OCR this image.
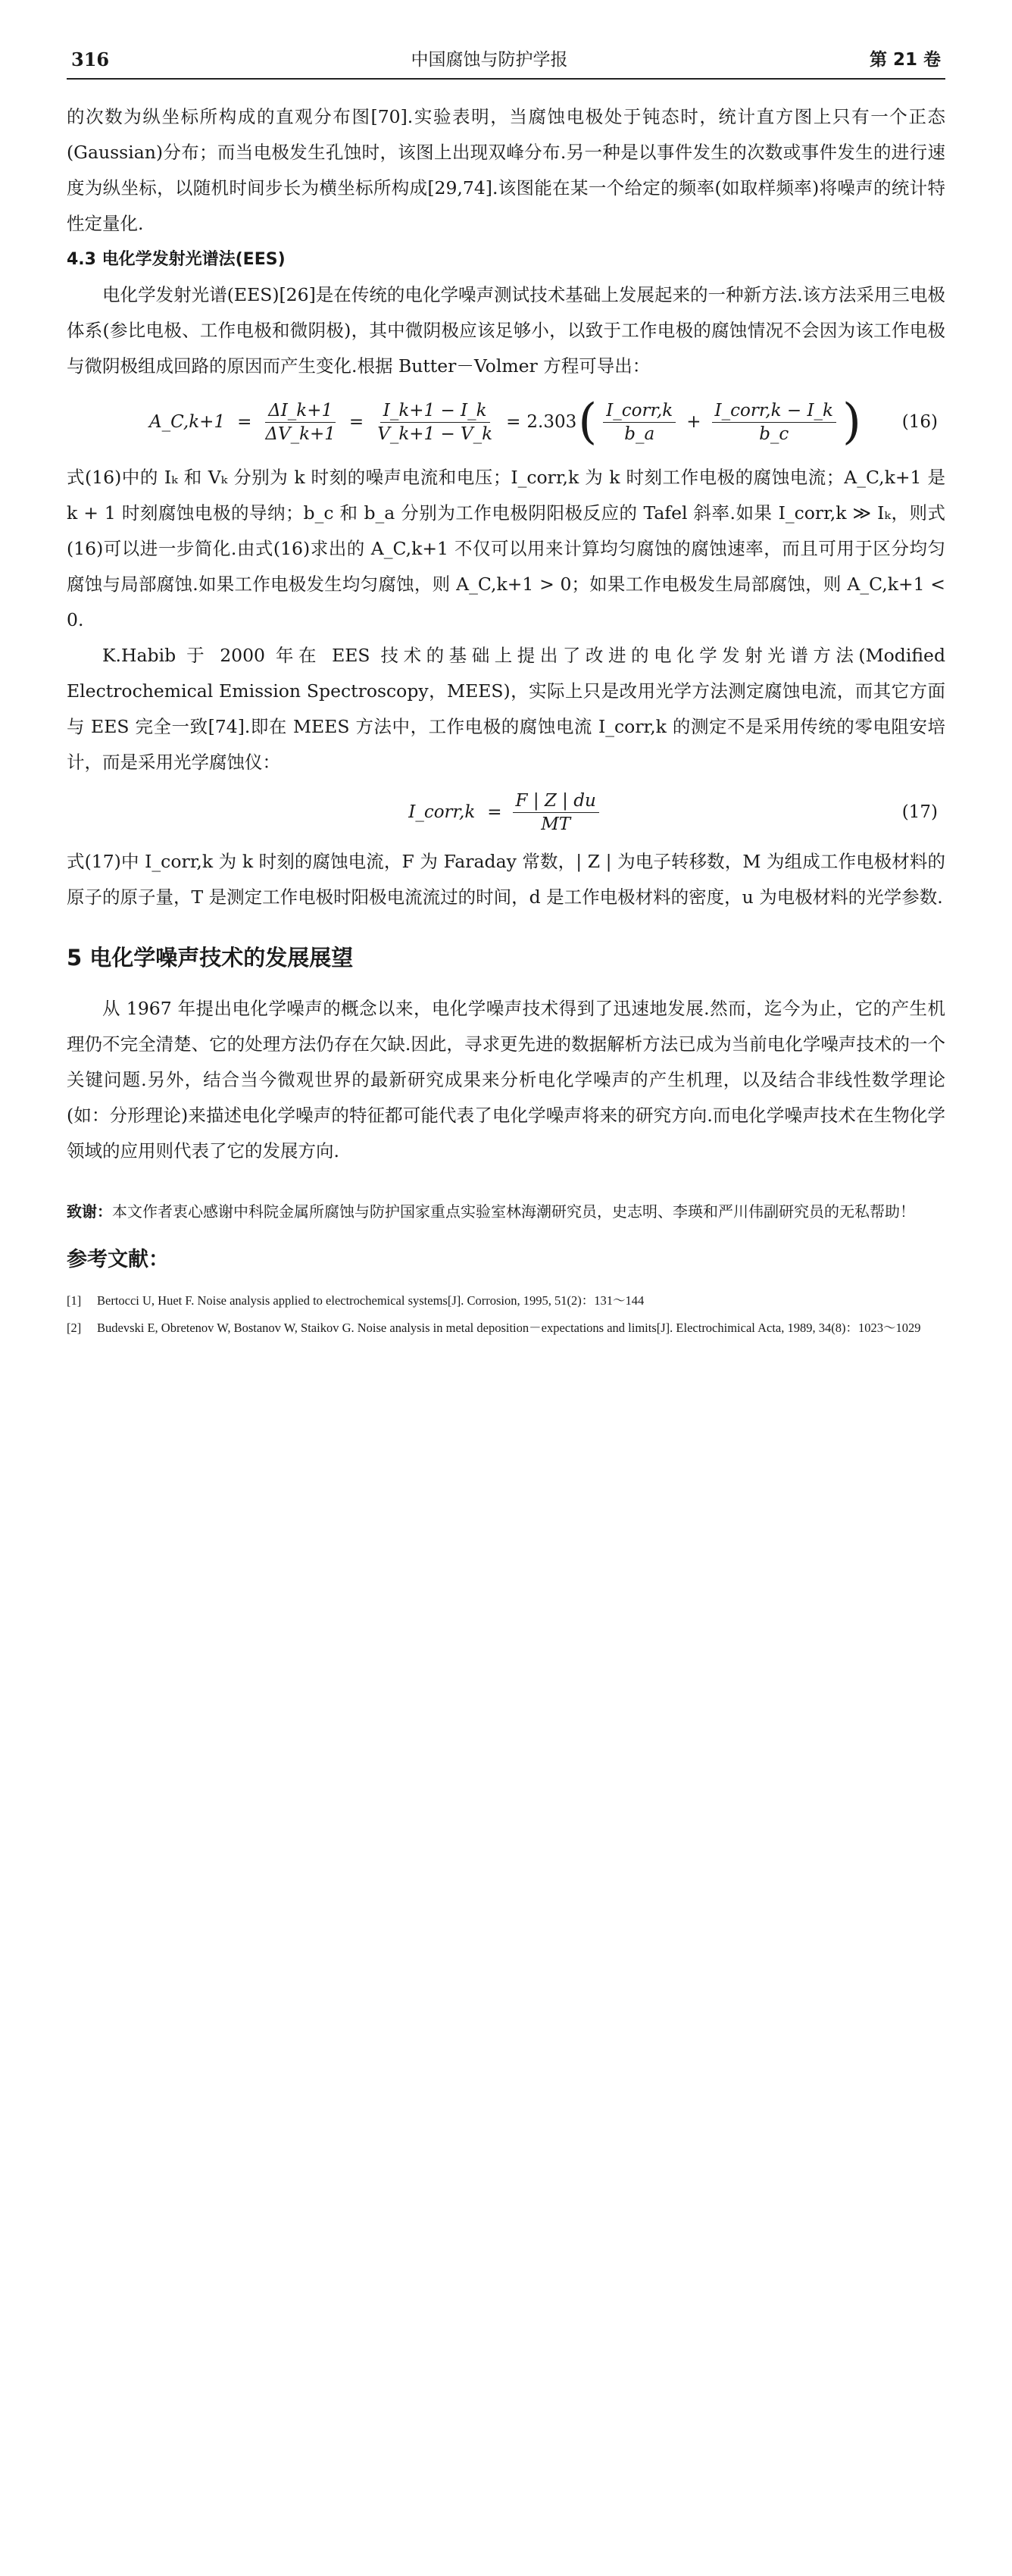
316	中国腐蚀与防护学报	第 21 卷

的次数为纵坐标所构成的直观分布图[70].实验表明，当腐蚀电极处于钝态时，统计直方图上只有一个正态(Gaussian)分布；而当电极发生孔蚀时，该图上出现双峰分布.另一种是以事件发生的次数或事件发生的进行速度为纵坐标，以随机时间步长为横坐标所构成[29,74].该图能在某一个给定的频率(如取样频率)将噪声的统计特性定量化.

4.3 电化学发射光谱法(EES)

电化学发射光谱(EES)[26]是在传统的电化学噪声测试技术基础上发展起来的一种新方法.该方法采用三电极体系(参比电极、工作电极和微阴极)，其中微阴极应该足够小，以致于工作电极的腐蚀情况不会因为该工作电极与微阴极组成回路的原因而产生变化.根据 Butter－Volmer 方程可导出：

A_C,k+1 = $\frac{\Delta I\_k+1}{\Delta V\_k+1} = \frac{I\_k+1 - I\_k}{V\_k+1 - V\_k} = 2.303$ ( $\frac{\text{I\_corr,k}}{b\_a} + \frac{\text{I\_corr,k − I\_k}}{b\_c}$ ) (16)

式(16)中的 Iₖ 和 Vₖ 分别为 k 时刻的噪声电流和电压；I_corr,k 为 k 时刻工作电极的腐蚀电流；A_C,k+1 是 k + 1 时刻腐蚀电极的导纳；b_c 和 b_a 分别为工作电极阴阳极反应的 Tafel 斜率.如果 I_corr,k ≫ Iₖ，则式(16)可以进一步简化.由式(16)求出的 A_C,k+1 不仅可以用来计算均匀腐蚀的腐蚀速率，而且可用于区分均匀腐蚀与局部腐蚀.如果工作电极发生均匀腐蚀，则 A_C,k+1 > 0；如果工作电极发生局部腐蚀，则 A_C,k+1 < 0.

K.Habib 于 2000 年在 EES 技术的基础上提出了改进的电化学发射光谱方法(Modified Electrochemical Emission Spectroscopy，MEES)，实际上只是改用光学方法测定腐蚀电流，而其它方面与 EES 完全一致[74].即在 MEES 方法中，工作电极的腐蚀电流 I_corr,k 的测定不是采用传统的零电阻安培计，而是采用光学腐蚀仪：

I_corr,k = $\frac{F | Z | du}{MT}$	(17)

式(17)中 I_corr,k 为 k 时刻的腐蚀电流，F 为 Faraday 常数，| Z | 为电子转移数，M 为组成工作电极材料的原子的原子量，T 是测定工作电极时阳极电流流过的时间，d 是工作电极材料的密度，u 为电极材料的光学参数.

5 电化学噪声技术的发展展望

从 1967 年提出电化学噪声的概念以来，电化学噪声技术得到了迅速地发展.然而，迄今为止，它的产生机理仍不完全清楚、它的处理方法仍存在欠缺.因此，寻求更先进的数据解析方法已成为当前电化学噪声技术的一个关键问题.另外，结合当今微观世界的最新研究成果来分析电化学噪声的产生机理，以及结合非线性数学理论(如：分形理论)来描述电化学噪声的特征都可能代表了电化学噪声将来的研究方向.而电化学噪声技术在生物化学领域的应用则代表了它的发展方向.

致谢：本文作者衷心感谢中科院金属所腐蚀与防护国家重点实验室林海潮研究员，史志明、李瑛和严川伟副研究员的无私帮助！
参考文献：
[1]	Bertocci U, Huet F. Noise analysis applied to electrochemical systems[J]. Corrosion, 1995, 51(2)：131～144
[2]	Budevski E, Obretenov W, Bostanov W, Staikov G. Noise analysis in metal deposition－expectations and limits[J]. Electrochimical Acta, 1989, 34(8)：1023～1029
